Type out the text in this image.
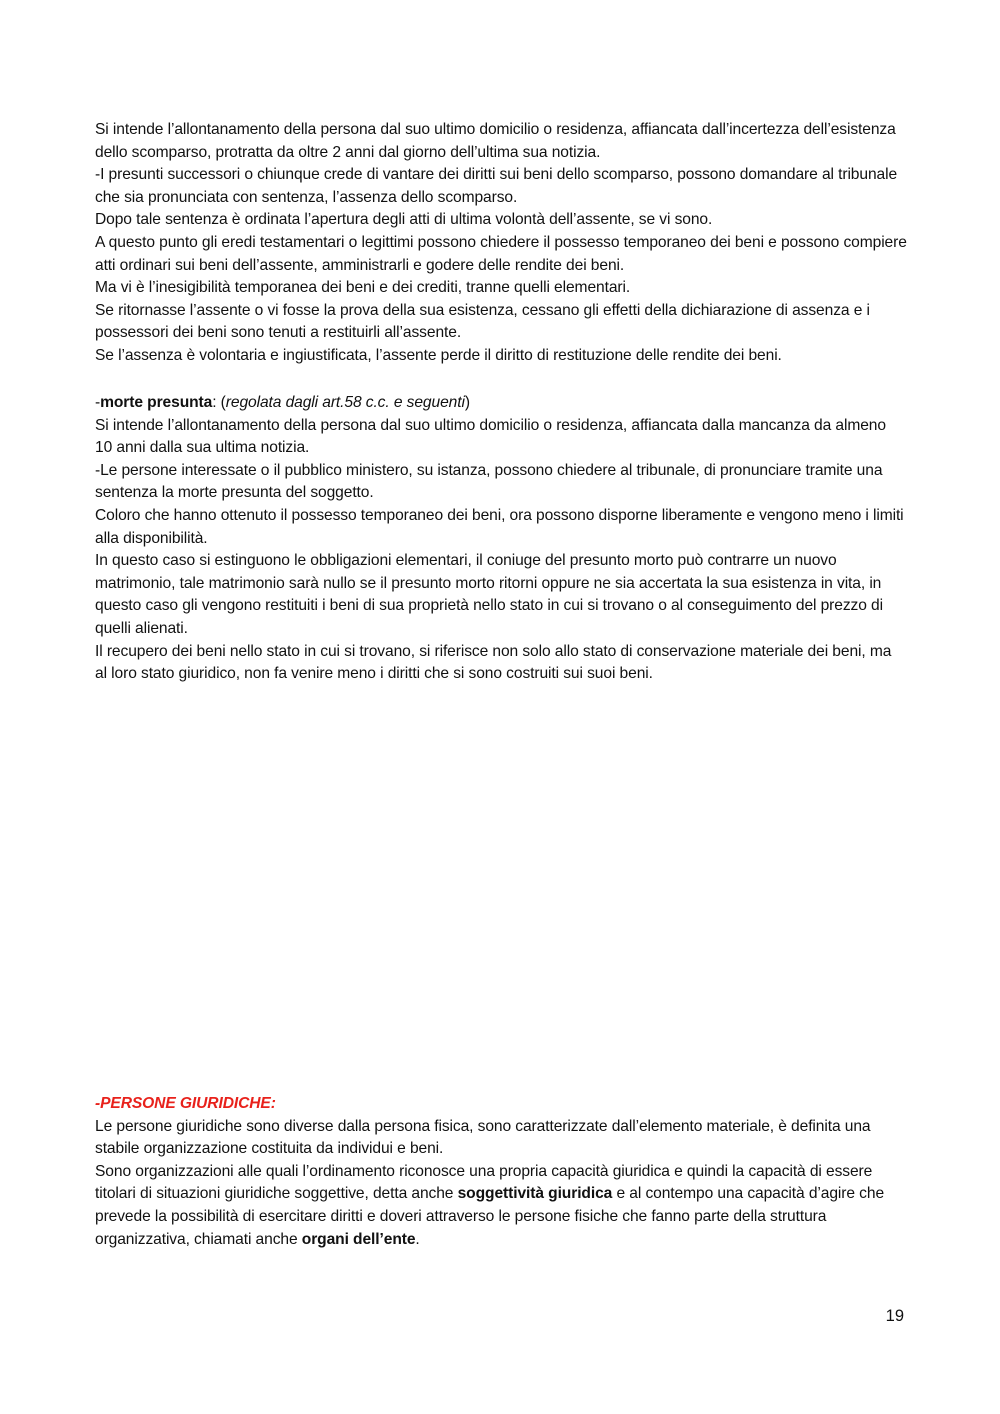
Si intende l’allontanamento della persona dal suo ultimo domicilio o residenza, affiancata dall’incertezza dell’esistenza dello scomparso, protratta da oltre 2 anni dal giorno dell’ultima sua notizia.

-I presunti successori o chiunque crede di vantare dei diritti sui beni dello scomparso, possono domandare al tribunale che sia pronunciata con sentenza, l’assenza dello scomparso.

Dopo tale sentenza è ordinata l’apertura degli atti di ultima volontà dell’assente, se vi sono.

A questo punto gli eredi testamentari o legittimi possono chiedere il possesso temporaneo dei beni e possono compiere atti ordinari sui beni dell’assente, amministrarli e godere delle rendite dei beni.

Ma vi è l’inesigibilità temporanea dei beni e dei crediti, tranne quelli elementari.

Se ritornasse l’assente o vi fosse la prova della sua esistenza, cessano gli effetti della dichiarazione di assenza e i possessori dei beni sono tenuti a restituirli all’assente.

Se l’assenza è volontaria e ingiustificata, l’assente perde il diritto di restituzione delle rendite dei beni.

-morte presunta: (regolata dagli art.58 c.c. e seguenti)

Si intende l’allontanamento della persona dal suo ultimo domicilio o residenza, affiancata dalla mancanza da almeno 10 anni dalla sua ultima notizia.

-Le persone interessate o il pubblico ministero, su istanza, possono chiedere al tribunale, di pronunciare tramite una sentenza la morte presunta del soggetto.

Coloro che hanno ottenuto il possesso temporaneo dei beni, ora possono disporne liberamente e vengono meno i limiti alla disponibilità.

In questo caso si estinguono le obbligazioni elementari, il coniuge del presunto morto può contrarre un nuovo matrimonio, tale matrimonio sarà nullo se il presunto morto ritorni oppure ne sia accertata la sua esistenza in vita, in questo caso gli vengono restituiti i beni di sua proprietà nello stato in cui si trovano o al conseguimento del prezzo di quelli alienati.

Il recupero dei beni nello stato in cui si trovano, si riferisce non solo allo stato di conservazione materiale dei beni, ma al loro stato giuridico, non fa venire meno i diritti che si sono costruiti sui suoi beni.

-PERSONE GIURIDICHE:

Le persone giuridiche sono diverse dalla persona fisica, sono caratterizzate dall’elemento materiale, è definita una stabile organizzazione costituita da individui e beni.

Sono organizzazioni alle quali l’ordinamento riconosce una propria capacità giuridica e quindi la capacità di essere titolari di situazioni giuridiche soggettive, detta anche soggettività giuridica e al contempo una capacità d’agire che prevede la possibilità di esercitare diritti e doveri attraverso le persone fisiche che fanno parte della struttura organizzativa, chiamati anche organi dell’ente.

19
